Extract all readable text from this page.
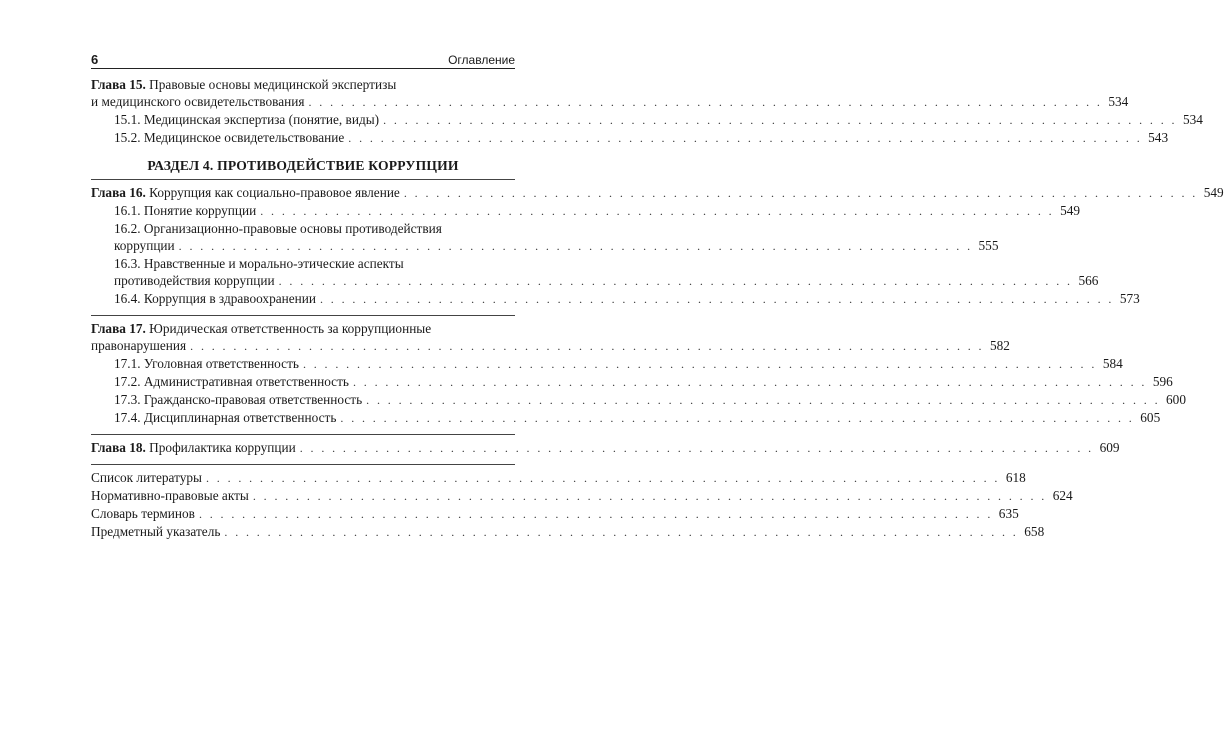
6	Оглавление
Глава 15. Правовые основы медицинской экспертизы
и медицинского освидетельствования . . . . . . . . . . . . . . . . . . . . . . . . . . . . . . . . . . . . . . . . . . . . . . . . . . . . . . . . . . . . . . . . . . . . . . . . . . 534
15.1. Медицинская экспертиза (понятие, виды) . . . . . . . . . . . . . . . . . . . . . . . . . . . . . . . . . . . . . . . . . . . . . . . . . . . . . . . . . . . . . . . . . . . . . . . . . . 534
15.2. Медицинское освидетельствование . . . . . . . . . . . . . . . . . . . . . . . . . . . . . . . . . . . . . . . . . . . . . . . . . . . . . . . . . . . . . . . . . . . . . . . . . . 543
РАЗДЕЛ 4. ПРОТИВОДЕЙСТВИЕ КОРРУПЦИИ
Глава 16. Коррупция как социально-правовое явление . . . . . . . . . . . . . . . . . . . . . . . . . . . . . . . . . . . . . . . . . . . . . . . . . . . . . . . . . . . . . . . . . . . . . . . . . . 549
16.1. Понятие коррупции . . . . . . . . . . . . . . . . . . . . . . . . . . . . . . . . . . . . . . . . . . . . . . . . . . . . . . . . . . . . . . . . . . . . . . . . . . 549
16.2. Организационно-правовые основы противодействия
коррупции . . . . . . . . . . . . . . . . . . . . . . . . . . . . . . . . . . . . . . . . . . . . . . . . . . . . . . . . . . . . . . . . . . . . . . . . . . 555
16.3. Нравственные и морально-этические аспекты
противодействия коррупции . . . . . . . . . . . . . . . . . . . . . . . . . . . . . . . . . . . . . . . . . . . . . . . . . . . . . . . . . . . . . . . . . . . . . . . . . . 566
16.4. Коррупция в здравоохранении . . . . . . . . . . . . . . . . . . . . . . . . . . . . . . . . . . . . . . . . . . . . . . . . . . . . . . . . . . . . . . . . . . . . . . . . . . 573
Глава 17. Юридическая ответственность за коррупционные
правонарушения . . . . . . . . . . . . . . . . . . . . . . . . . . . . . . . . . . . . . . . . . . . . . . . . . . . . . . . . . . . . . . . . . . . . . . . . . . 582
17.1. Уголовная ответственность . . . . . . . . . . . . . . . . . . . . . . . . . . . . . . . . . . . . . . . . . . . . . . . . . . . . . . . . . . . . . . . . . . . . . . . . . . 584
17.2. Административная ответственность . . . . . . . . . . . . . . . . . . . . . . . . . . . . . . . . . . . . . . . . . . . . . . . . . . . . . . . . . . . . . . . . . . . . . . . . . . 596
17.3. Гражданско-правовая ответственность . . . . . . . . . . . . . . . . . . . . . . . . . . . . . . . . . . . . . . . . . . . . . . . . . . . . . . . . . . . . . . . . . . . . . . . . . . 600
17.4. Дисциплинарная ответственность . . . . . . . . . . . . . . . . . . . . . . . . . . . . . . . . . . . . . . . . . . . . . . . . . . . . . . . . . . . . . . . . . . . . . . . . . . 605
Глава 18. Профилактика коррупции . . . . . . . . . . . . . . . . . . . . . . . . . . . . . . . . . . . . . . . . . . . . . . . . . . . . . . . . . . . . . . . . . . . . . . . . . . 609
Список литературы . . . . . . . . . . . . . . . . . . . . . . . . . . . . . . . . . . . . . . . . . . . . . . . . . . . . . . . . . . . . . . . . . . . . . . . . . . 618
Нормативно-правовые акты . . . . . . . . . . . . . . . . . . . . . . . . . . . . . . . . . . . . . . . . . . . . . . . . . . . . . . . . . . . . . . . . . . . . . . . . . . 624
Словарь терминов . . . . . . . . . . . . . . . . . . . . . . . . . . . . . . . . . . . . . . . . . . . . . . . . . . . . . . . . . . . . . . . . . . . . . . . . . . 635
Предметный указатель . . . . . . . . . . . . . . . . . . . . . . . . . . . . . . . . . . . . . . . . . . . . . . . . . . . . . . . . . . . . . . . . . . . . . . . . . . 658
